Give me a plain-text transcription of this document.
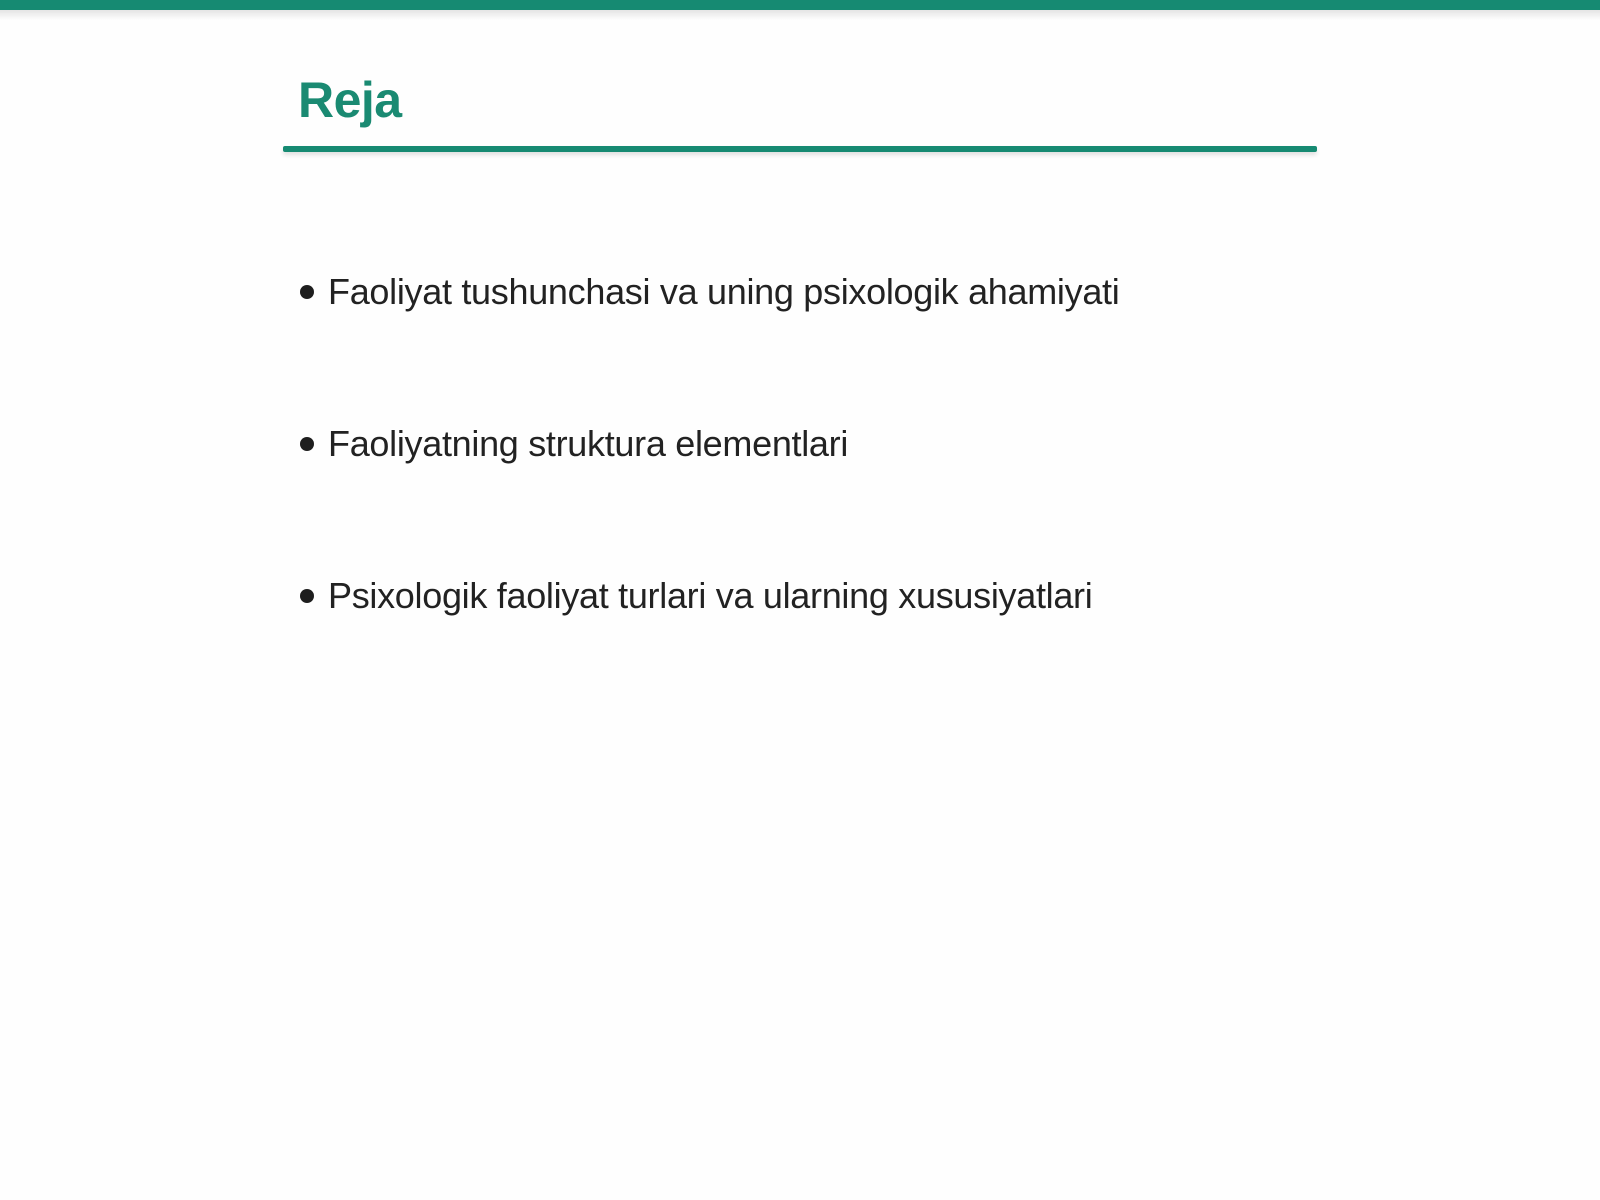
Reja
Faoliyat tushunchasi va uning psixologik ahamiyati
Faoliyatning struktura elementlari
Psixologik faoliyat turlari va ularning xususiyatlari
